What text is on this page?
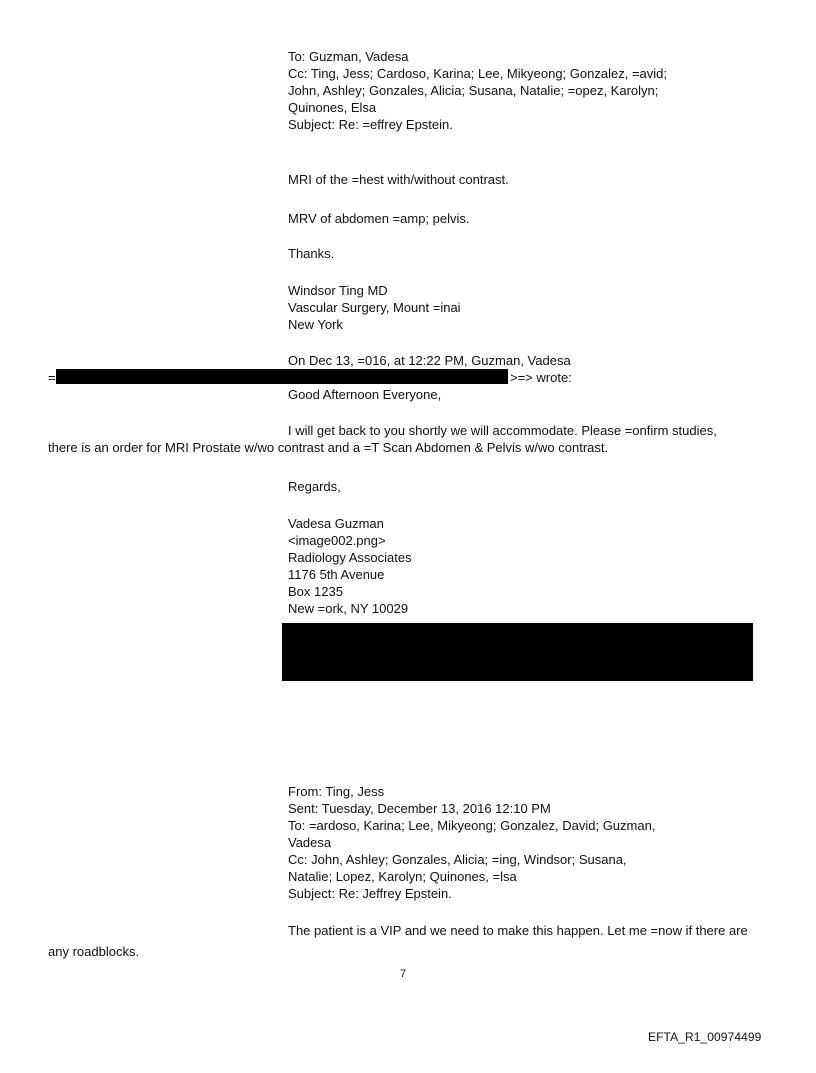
To: Guzman, Vadesa
Cc: Ting, Jess; Cardoso, Karina; Lee, Mikyeong; Gonzalez, =avid;
John, Ashley; Gonzales, Alicia; Susana, Natalie; =opez, Karolyn;
Quinones, Elsa
Subject: Re: =effrey Epstein.
MRI of the =hest with/without contrast.
MRV of abdomen =amp; pelvis.
Thanks.
Windsor Ting MD
Vascular Surgery, Mount =inai
New York
On Dec 13, =016, at 12:22 PM, Guzman, Vadesa
=	>=> wrote:
Good Afternoon Everyone,
I will get back to you shortly we will accommodate. Please =onfirm studies,
there is an order for MRI Prostate w/wo contrast and a =T Scan Abdomen & Pelvis w/wo contrast.
Regards,
Vadesa Guzman
<image002.png>
Radiology Associates
1176 5th Avenue
Box 1235
New =ork, NY 10029
From: Ting, Jess
Sent: Tuesday, December 13, 2016 12:10 PM
To: =ardoso, Karina; Lee, Mikyeong; Gonzalez, David; Guzman,
Vadesa
Cc: John, Ashley; Gonzales, Alicia; =ing, Windsor; Susana,
Natalie; Lopez, Karolyn; Quinones, =lsa
Subject: Re: Jeffrey Epstein.
The patient is a VIP and we need to make this happen. Let me =now if there are
any roadblocks.
7
EFTA_R1_00974499
